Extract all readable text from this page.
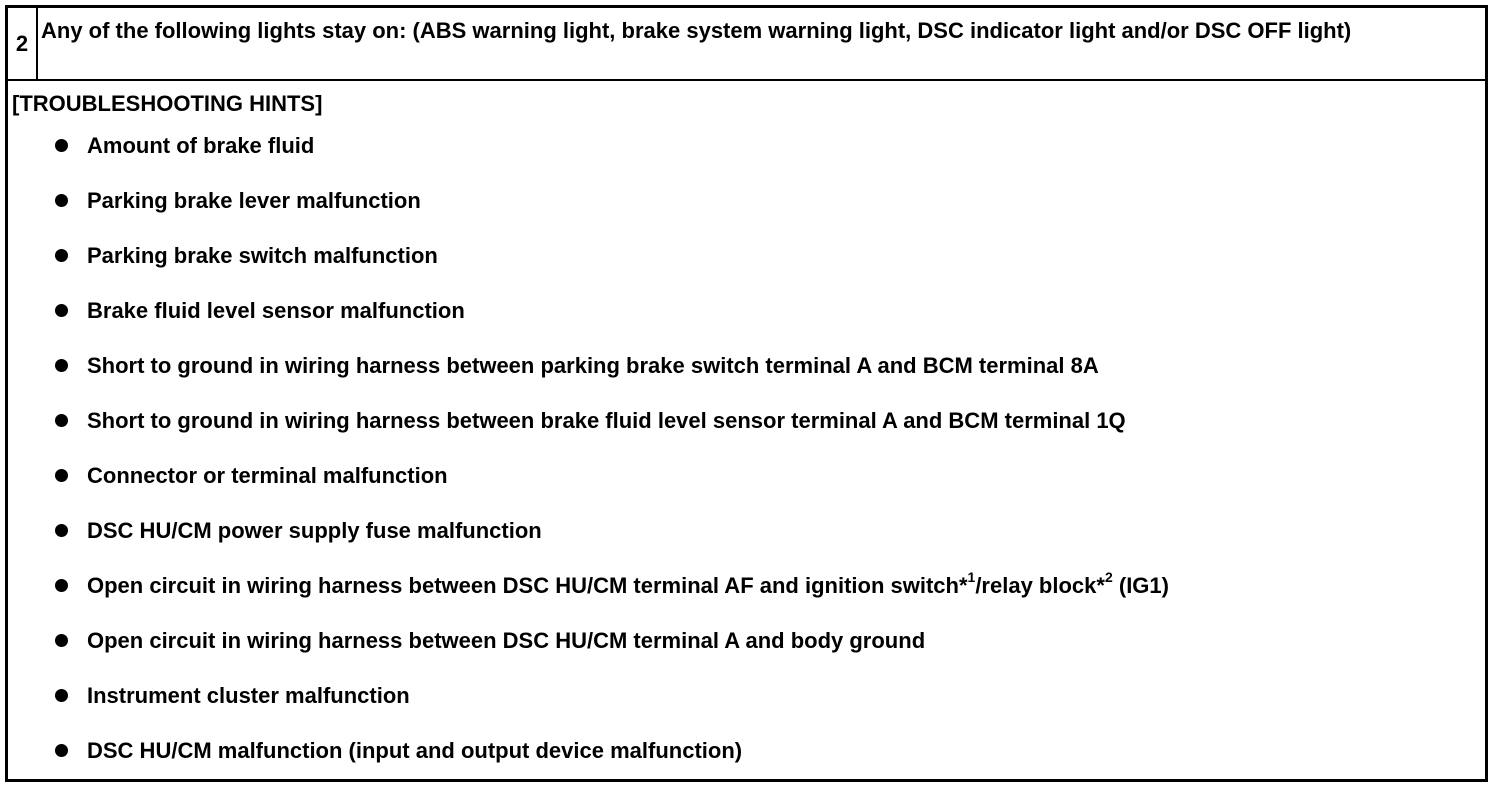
2 Any of the following lights stay on: (ABS warning light, brake system warning light, DSC indicator light and/or DSC OFF light)
[TROUBLESHOOTING HINTS]
Amount of brake fluid
Parking brake lever malfunction
Parking brake switch malfunction
Brake fluid level sensor malfunction
Short to ground in wiring harness between parking brake switch terminal A and BCM terminal 8A
Short to ground in wiring harness between brake fluid level sensor terminal A and BCM terminal 1Q
Connector or terminal malfunction
DSC HU/CM power supply fuse malfunction
Open circuit in wiring harness between DSC HU/CM terminal AF and ignition switch*$^1$/relay block*$^2$ (IG1)
Open circuit in wiring harness between DSC HU/CM terminal A and body ground
Instrument cluster malfunction
DSC HU/CM malfunction (input and output device malfunction)
